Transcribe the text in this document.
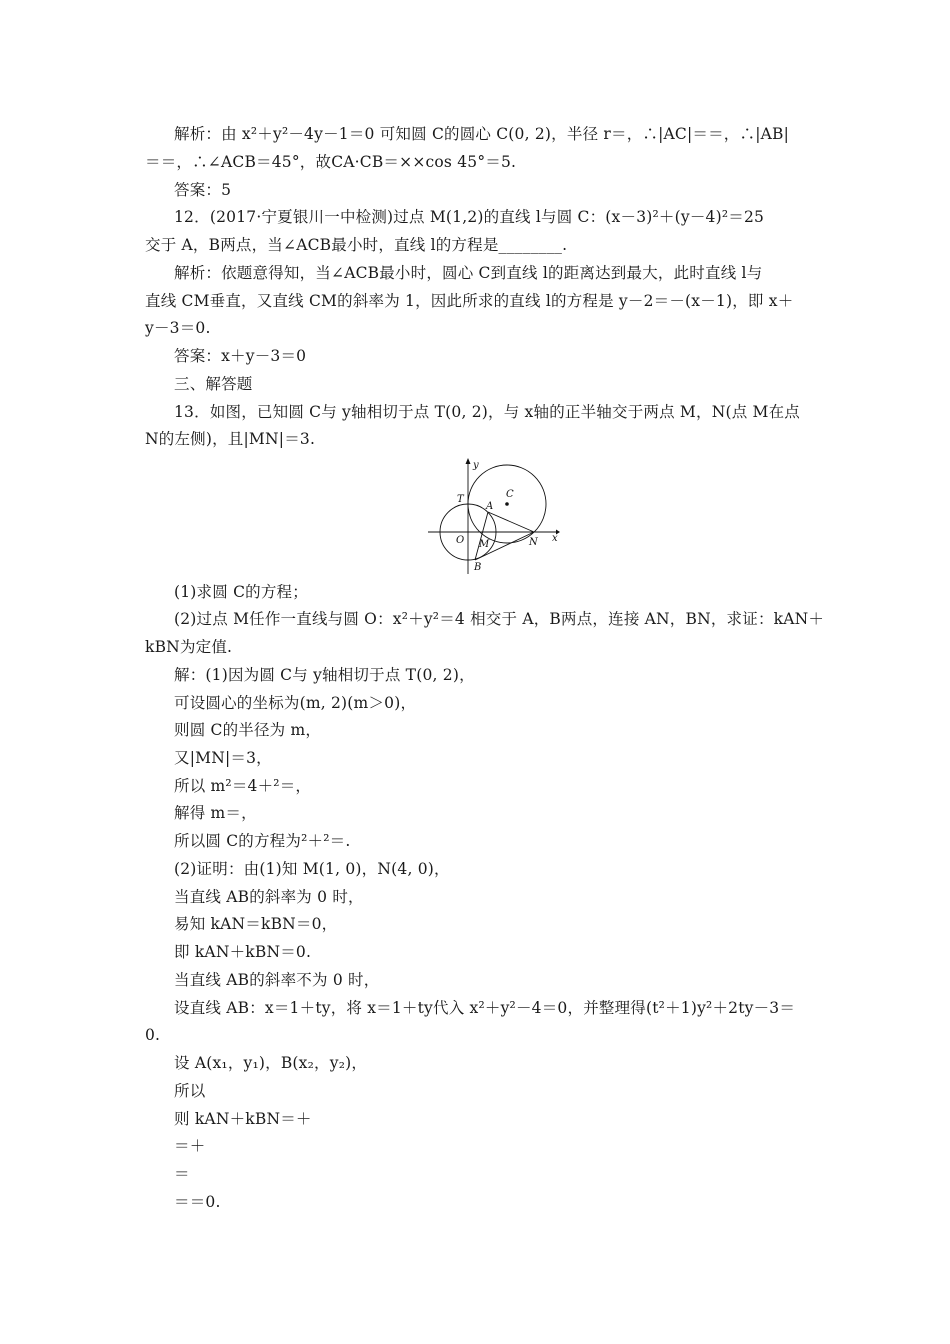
解析：由 x²＋y²－4y－1＝0 可知圆 C的圆心 C(0, 2)，半径 r＝，∴|AC|＝＝，∴|AB|
＝＝，∴∠ACB＝45°，故CA·CB＝××cos 45°＝5.
答案：5
12．(2017·宁夏银川一中检测)过点 M(1,2)的直线 l与圆 C：(x－3)²＋(y－4)²＝25
交于 A，B两点，当∠ACB最小时，直线 l的方程是________.
解析：依题意得知，当∠ACB最小时，圆心 C到直线 l的距离达到最大，此时直线 l与
直线 CM垂直，又直线 CM的斜率为 1，因此所求的直线 l的方程是 y－2＝－(x－1)，即 x＋
y－3＝0.
答案：x＋y－3＝0
三、解答题
13．如图，已知圆 C与 y轴相切于点 T(0, 2)，与 x轴的正半轴交于两点 M，N(点 M在点
N的左侧)，且|MN|＝3.
y
T
A
C
O M	N x
B
(1)求圆 C的方程；
(2)过点 M任作一直线与圆 O：x²＋y²＝4 相交于 A，B两点，连接 AN，BN，求证：kAN＋
kBN为定值.
解：(1)因为圆 C与 y轴相切于点 T(0, 2)，
可设圆心的坐标为(m, 2)(m＞0)，
则圆 C的半径为 m，
又|MN|＝3，
所以 m²＝4＋²＝，
解得 m＝，
所以圆 C的方程为²＋²＝.
(2)证明：由(1)知 M(1, 0)，N(4, 0)，
当直线 AB的斜率为 0 时，
易知 kAN＝kBN＝0，
即 kAN＋kBN＝0.
当直线 AB的斜率不为 0 时，
设直线 AB：x＝1＋ty，将 x＝1＋ty代入 x²＋y²－4＝0，并整理得(t²＋1)y²＋2ty－3＝
0.
设 A(x₁，y₁)，B(x₂，y₂)，
所以
则 kAN＋kBN＝＋
＝＋
＝
＝＝0.
